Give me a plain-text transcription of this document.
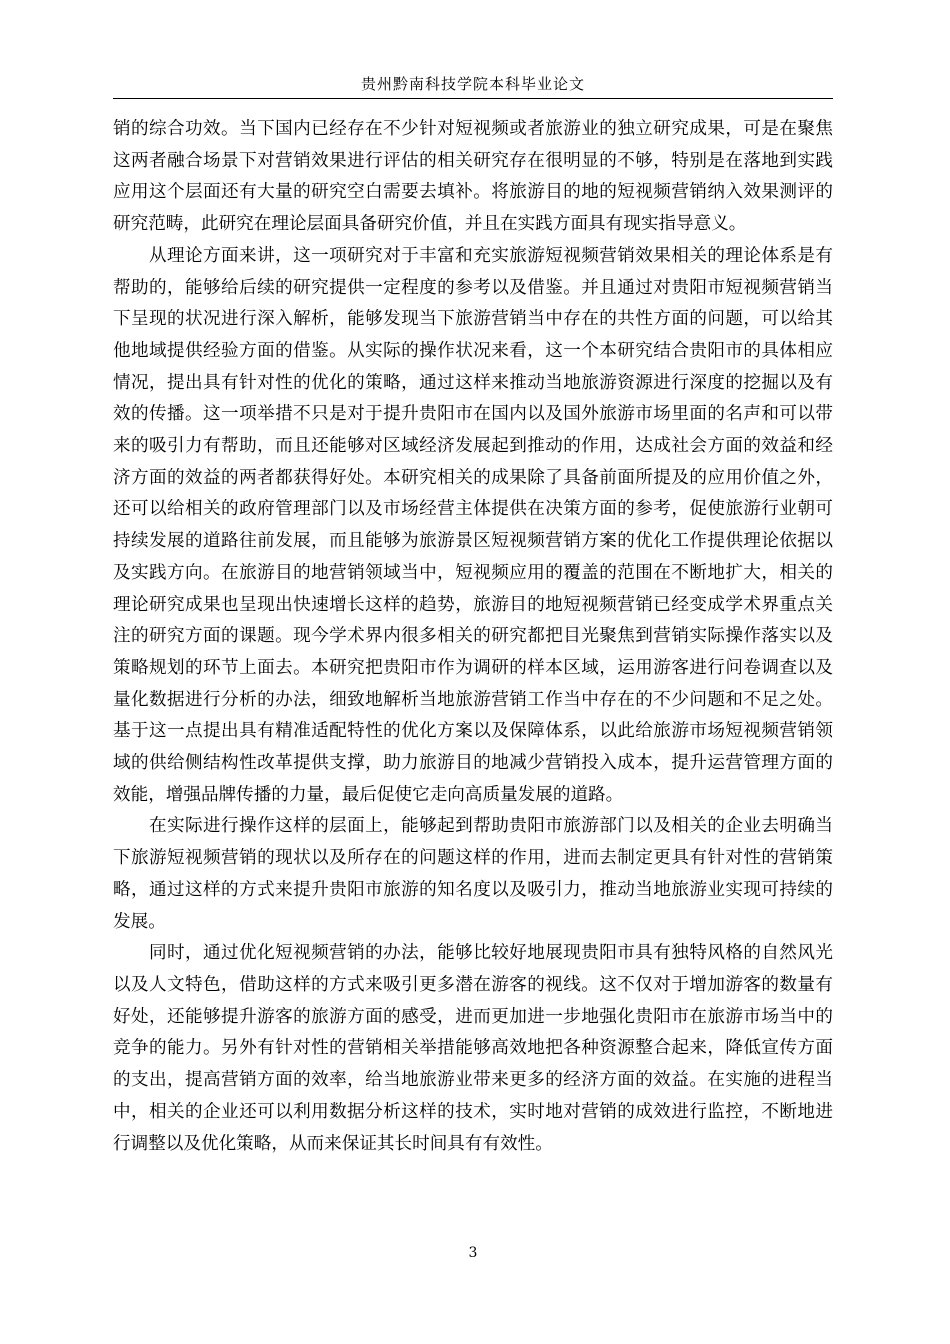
贵州黔南科技学院本科毕业论文

销的综合功效。当下国内已经存在不少针对短视频或者旅游业的独立研究成果，可是在聚焦这两者融合场景下对营销效果进行评估的相关研究存在很明显的不够，特别是在落地到实践应用这个层面还有大量的研究空白需要去填补。将旅游目的地的短视频营销纳入效果测评的研究范畴，此研究在理论层面具备研究价值，并且在实践方面具有现实指导意义。

从理论方面来讲，这一项研究对于丰富和充实旅游短视频营销效果相关的理论体系是有帮助的，能够给后续的研究提供一定程度的参考以及借鉴。并且通过对贵阳市短视频营销当下呈现的状况进行深入解析，能够发现当下旅游营销当中存在的共性方面的问题，可以给其他地域提供经验方面的借鉴。从实际的操作状况来看，这一个本研究结合贵阳市的具体相应情况，提出具有针对性的优化的策略，通过这样来推动当地旅游资源进行深度的挖掘以及有效的传播。这一项举措不只是对于提升贵阳市在国内以及国外旅游市场里面的名声和可以带来的吸引力有帮助，而且还能够对区域经济发展起到推动的作用，达成社会方面的效益和经济方面的效益的两者都获得好处。本研究相关的成果除了具备前面所提及的应用价值之外，还可以给相关的政府管理部门以及市场经营主体提供在决策方面的参考，促使旅游行业朝可持续发展的道路往前发展，而且能够为旅游景区短视频营销方案的优化工作提供理论依据以及实践方向。在旅游目的地营销领域当中，短视频应用的覆盖的范围在不断地扩大，相关的理论研究成果也呈现出快速增长这样的趋势，旅游目的地短视频营销已经变成学术界重点关注的研究方面的课题。现今学术界内很多相关的研究都把目光聚焦到营销实际操作落实以及策略规划的环节上面去。本研究把贵阳市作为调研的样本区域，运用游客进行问卷调查以及量化数据进行分析的办法，细致地解析当地旅游营销工作当中存在的不少问题和不足之处。基于这一点提出具有精准适配特性的优化方案以及保障体系，以此给旅游市场短视频营销领域的供给侧结构性改革提供支撑，助力旅游目的地减少营销投入成本，提升运营管理方面的效能，增强品牌传播的力量，最后促使它走向高质量发展的道路。

在实际进行操作这样的层面上，能够起到帮助贵阳市旅游部门以及相关的企业去明确当下旅游短视频营销的现状以及所存在的问题这样的作用，进而去制定更具有针对性的营销策略，通过这样的方式来提升贵阳市旅游的知名度以及吸引力，推动当地旅游业实现可持续的发展。

同时，通过优化短视频营销的办法，能够比较好地展现贵阳市具有独特风格的自然风光以及人文特色，借助这样的方式来吸引更多潜在游客的视线。这不仅对于增加游客的数量有好处，还能够提升游客的旅游方面的感受，进而更加进一步地强化贵阳市在旅游市场当中的竞争的能力。另外有针对性的营销相关举措能够高效地把各种资源整合起来，降低宣传方面的支出，提高营销方面的效率，给当地旅游业带来更多的经济方面的效益。在实施的进程当中，相关的企业还可以利用数据分析这样的技术，实时地对营销的成效进行监控，不断地进行调整以及优化策略，从而来保证其长时间具有有效性。

3
